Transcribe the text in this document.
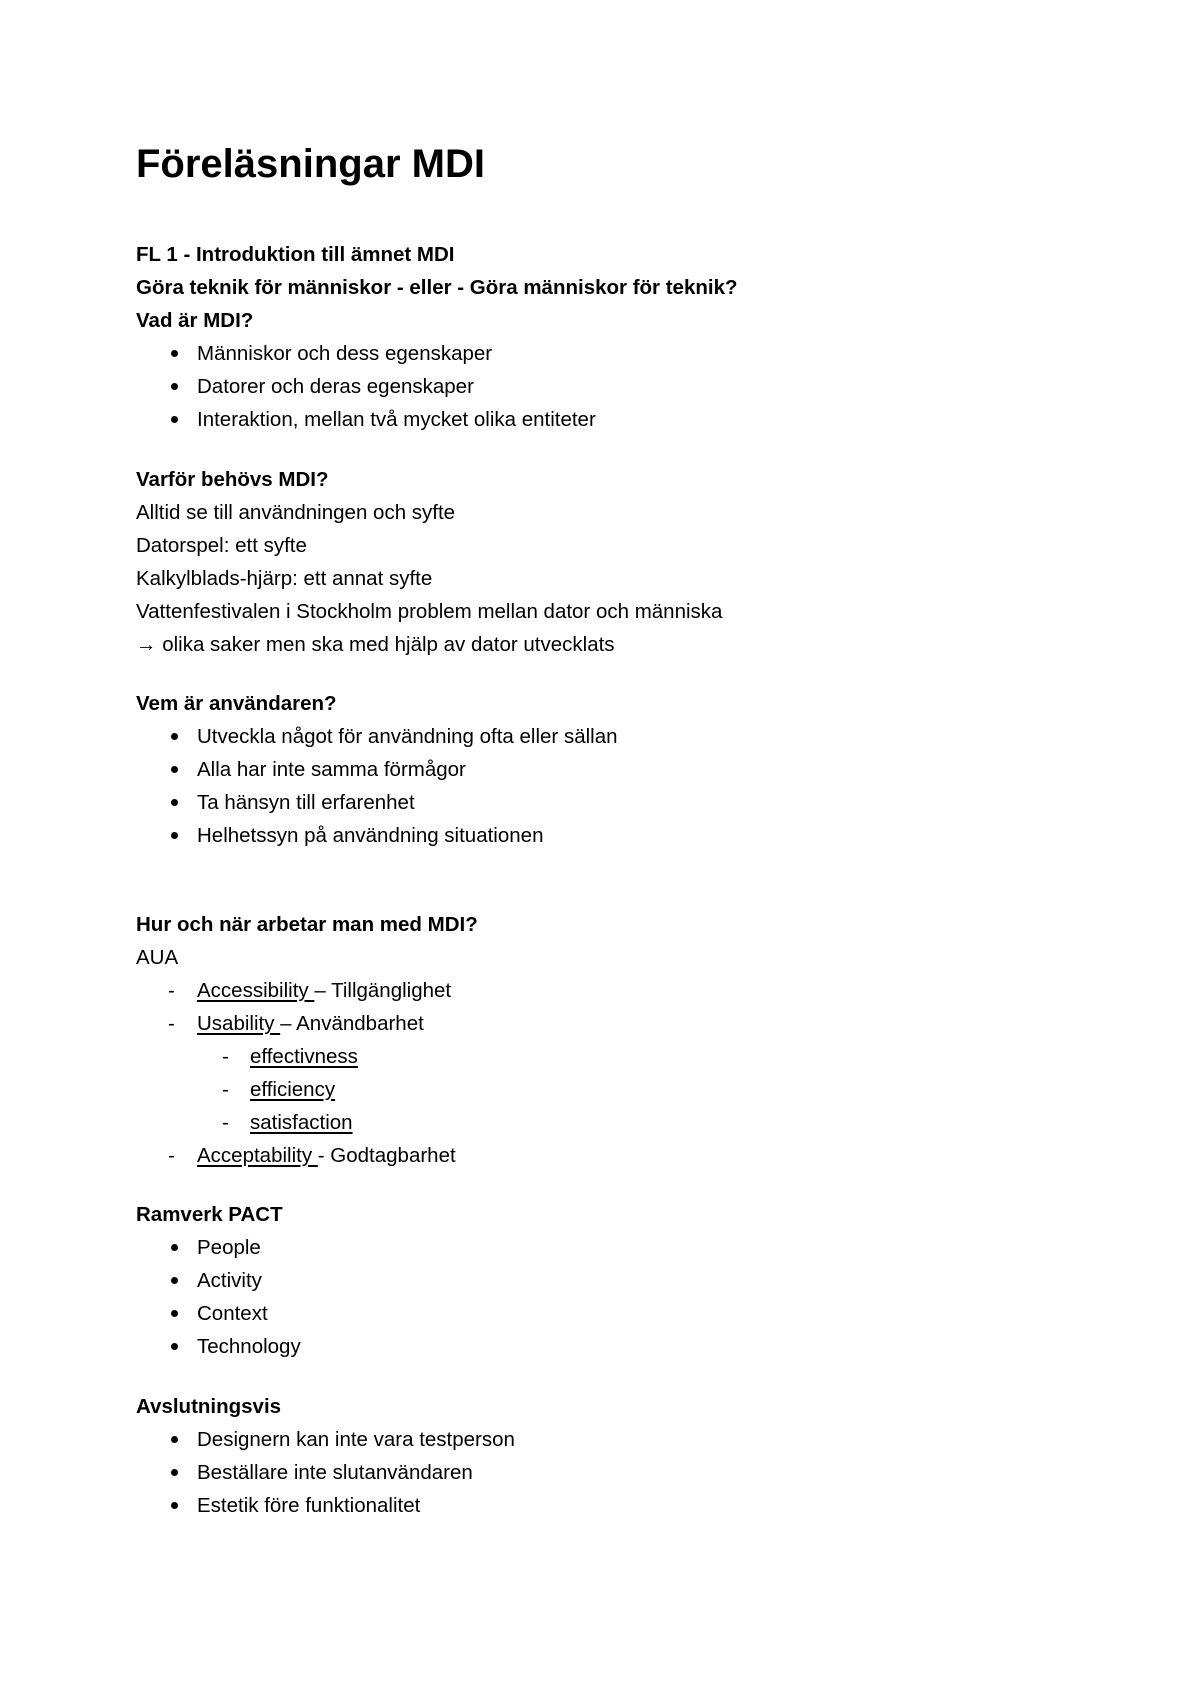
Föreläsningar MDI

FL 1 - Introduktion till ämnet MDI

Göra teknik för människor - eller - Göra människor för teknik?

Vad är MDI?

Människor och dess egenskaper
Datorer och deras egenskaper
Interaktion, mellan två mycket olika entiteter

Varför behövs MDI?

Alltid se till användningen och syfte

Datorspel: ett syfte

Kalkylblads-hjärp: ett annat syfte

Vattenfestivalen i Stockholm problem mellan dator och människa

→ olika saker men ska med hjälp av dator utvecklats

Vem är användaren?

Utveckla något för användning ofta eller sällan
Alla har inte samma förmågor
Ta hänsyn till erfarenhet
Helhetssyn på användning situationen

Hur och när arbetar man med MDI?

AUA

- Accessibility – Tillgänglighet
- Usability – Användbarhet
- effectivness
- efficiency
- satisfaction
- Acceptability - Godtagbarhet

Ramverk PACT

People
Activity
Context
Technology

Avslutningsvis

Designern kan inte vara testperson
Beställare inte slutanvändaren
Estetik före funktionalitet
